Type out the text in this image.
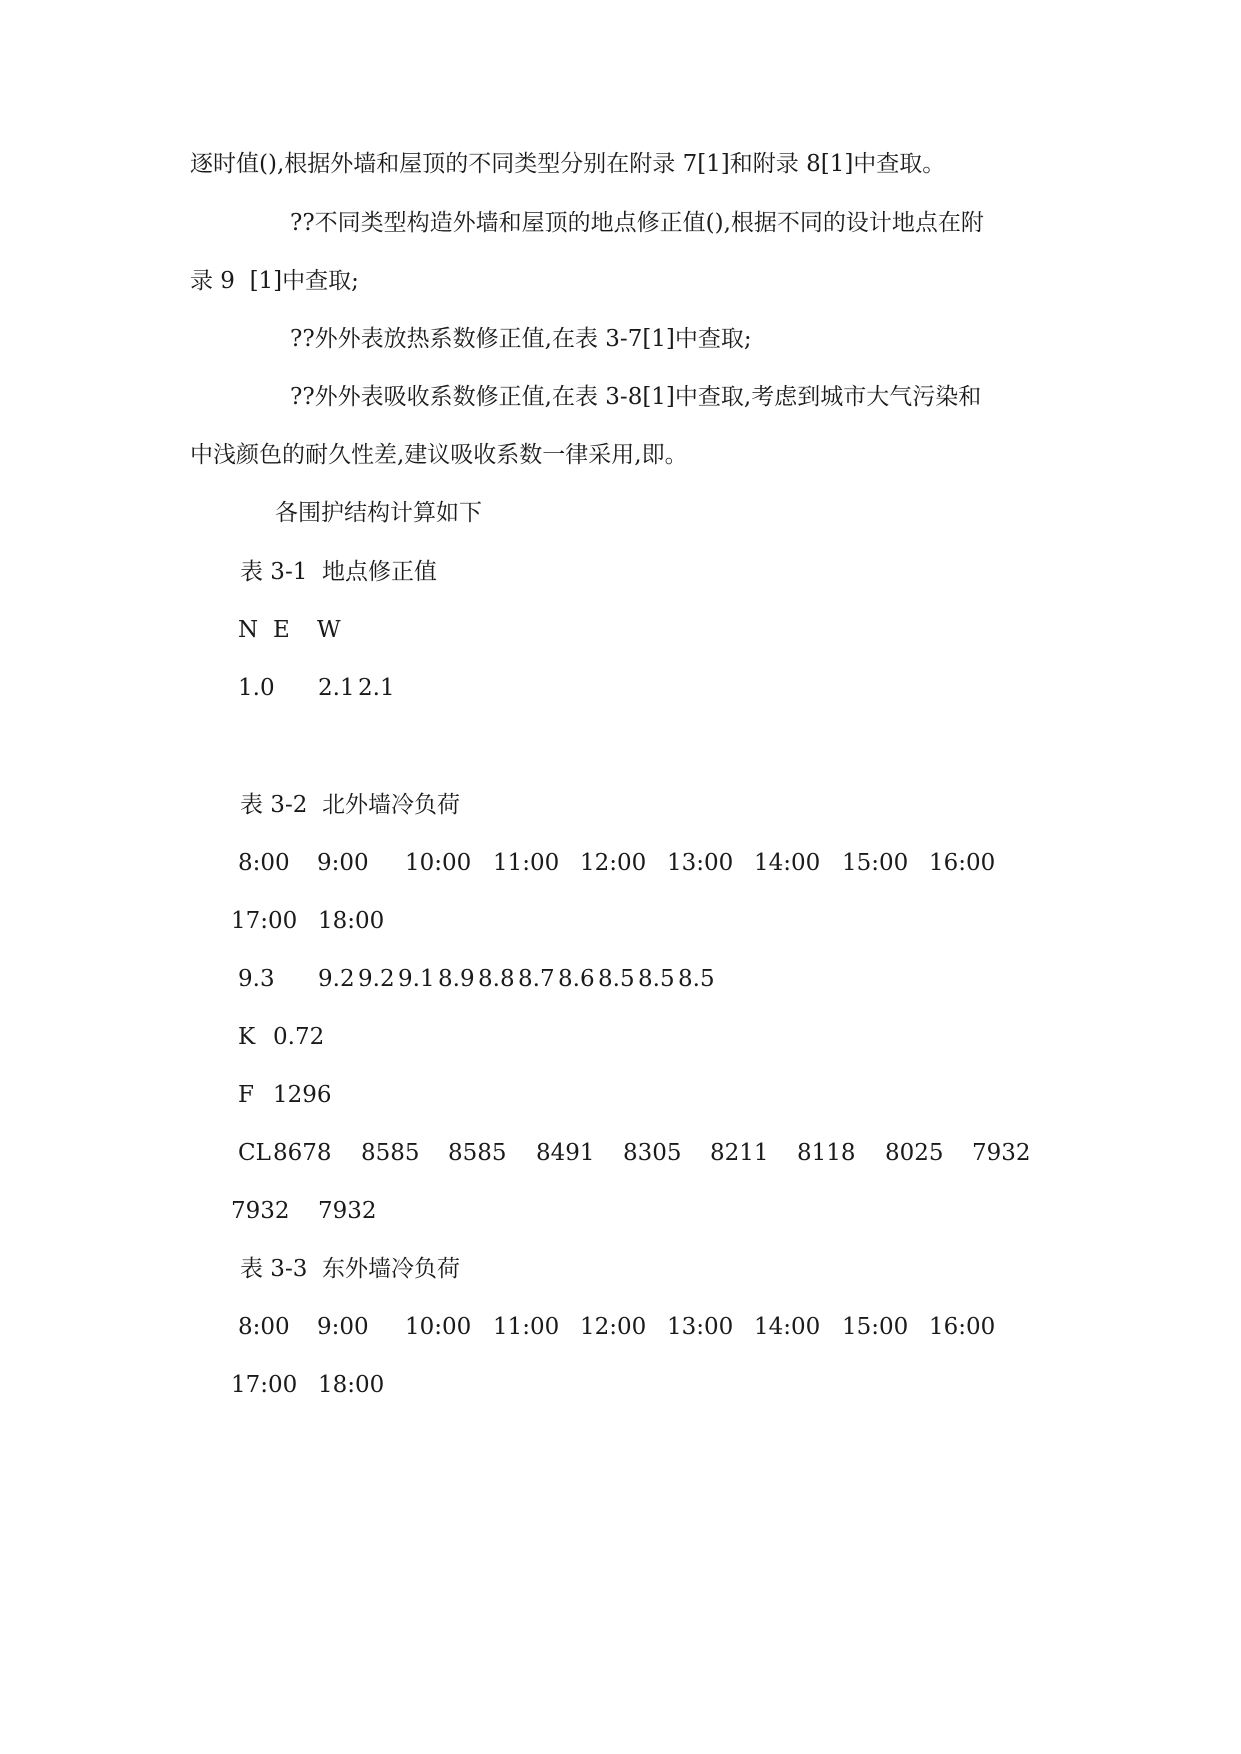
逐时值(),根据外墙和屋顶的不同类型分别在附录 7[1]和附录 8[1]中查取。
??不同类型构造外墙和屋顶的地点修正值(),根据不同的设计地点在附
录 9  [1]中查取;
??外外表放热系数修正值,在表 3-7[1]中查取;
??外外表吸收系数修正值,在表 3-8[1]中查取,考虑到城市大气污染和
中浅颜色的耐久性差,建议吸收系数一律采用,即。
各围护结构计算如下
表 3-1  地点修正值
N E W
1.0 2.1 2.1
表 3-2  北外墙冷负荷
8:00 9:00 10:00 11:00 12:00 13:00 14:00 15:00 16:00
17:00 18:00
9.3 9.2 9.2 9.1 8.9 8.8 8.7 8.6 8.5 8.5 8.5
K 0.72
F 1296
CL 8678 8585 8585 8491 8305 8211 8118 8025 7932
7932 7932
表 3-3  东外墙冷负荷
8:00 9:00 10:00 11:00 12:00 13:00 14:00 15:00 16:00
17:00 18:00
